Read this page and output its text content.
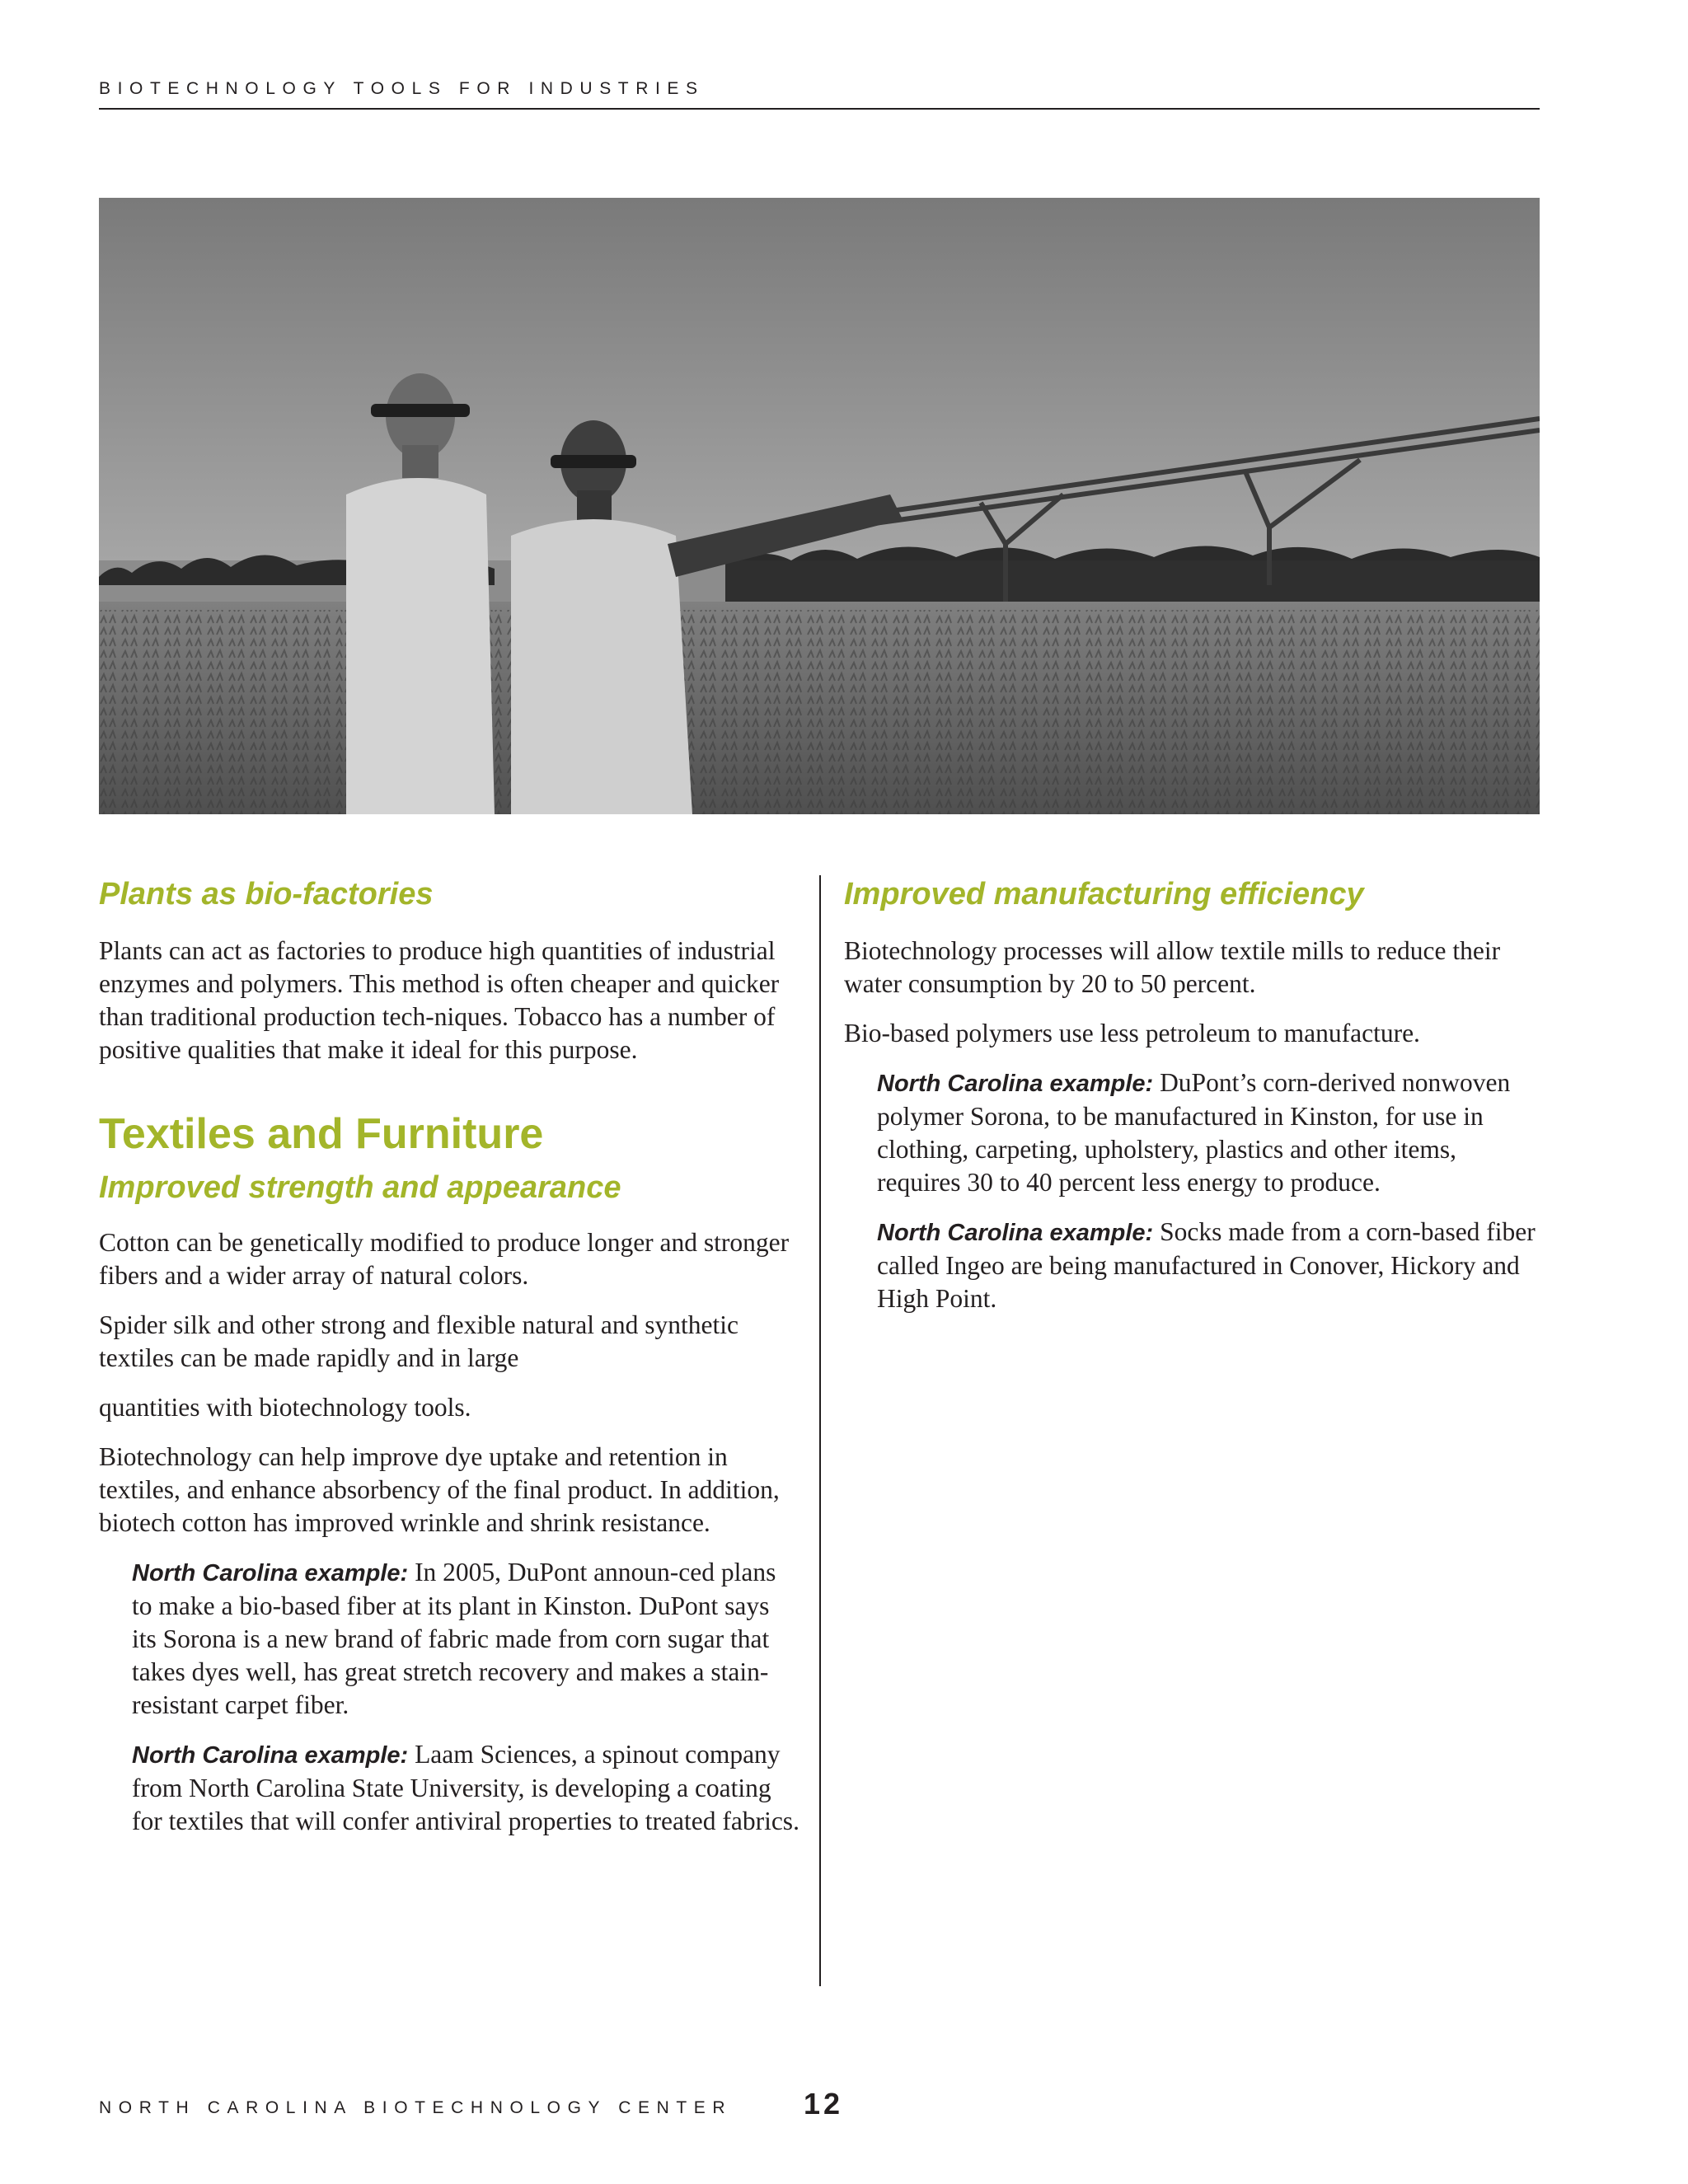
BIOTECHNOLOGY TOOLS FOR INDUSTRIES
Plants as bio-factories

Plants can act as factories to produce high quantities of industrial enzymes and polymers. This method is often cheaper and quicker than traditional production tech-niques. Tobacco has a number of positive qualities that make it ideal for this purpose.

Textiles and Furniture
Improved strength and appearance

Cotton can be genetically modified to produce longer and stronger fibers and a wider array of natural colors.

Spider silk and other strong and flexible natural and synthetic textiles can be made rapidly and in large

quantities with biotechnology tools.

Biotechnology can help improve dye uptake and retention in textiles, and enhance absorbency of the final product. In addition, biotech cotton has improved wrinkle and shrink resistance.

North Carolina example: In 2005, DuPont announ-ced plans to make a bio-based fiber at its plant in Kinston. DuPont says its Sorona is a new brand of fabric made from corn sugar that takes dyes well, has great stretch recovery and makes a stain-resistant carpet fiber.

North Carolina example: Laam Sciences, a spinout company from North Carolina State University, is developing a coating for textiles that will confer antiviral properties to treated fabrics.

Improved manufacturing efficiency

Biotechnology processes will allow textile mills to reduce their water consumption by 20 to 50 percent.

Bio-based polymers use less petroleum to manufacture.

North Carolina example: DuPont’s corn-derived nonwoven polymer Sorona, to be manufactured in Kinston, for use in clothing, carpeting, upholstery, plastics and other items, requires 30 to 40 percent less energy to produce.

North Carolina example: Socks made from a corn-based fiber called Ingeo are being manufactured in Conover, Hickory and High Point.

NORTH CAROLINA BIOTECHNOLOGY CENTER 12
